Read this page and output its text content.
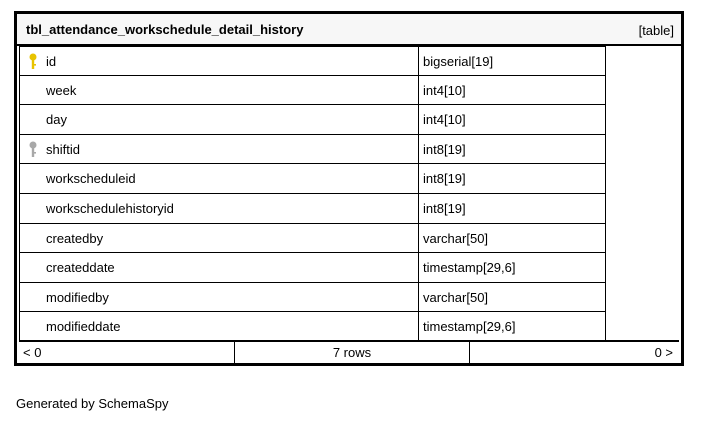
tbl_attendance_workschedule_detail_history	[table]
id	bigserial[19]
week	int4[10]
day	int4[10]
shiftid	int8[19]
workscheduleid	int8[19]
workschedulehistoryid	int8[19]
createdby	varchar[50]
createddate	timestamp[29,6]
modifiedby	varchar[50]
modifieddate	timestamp[29,6]
< 0	7 rows	0 >
Generated by SchemaSpy
